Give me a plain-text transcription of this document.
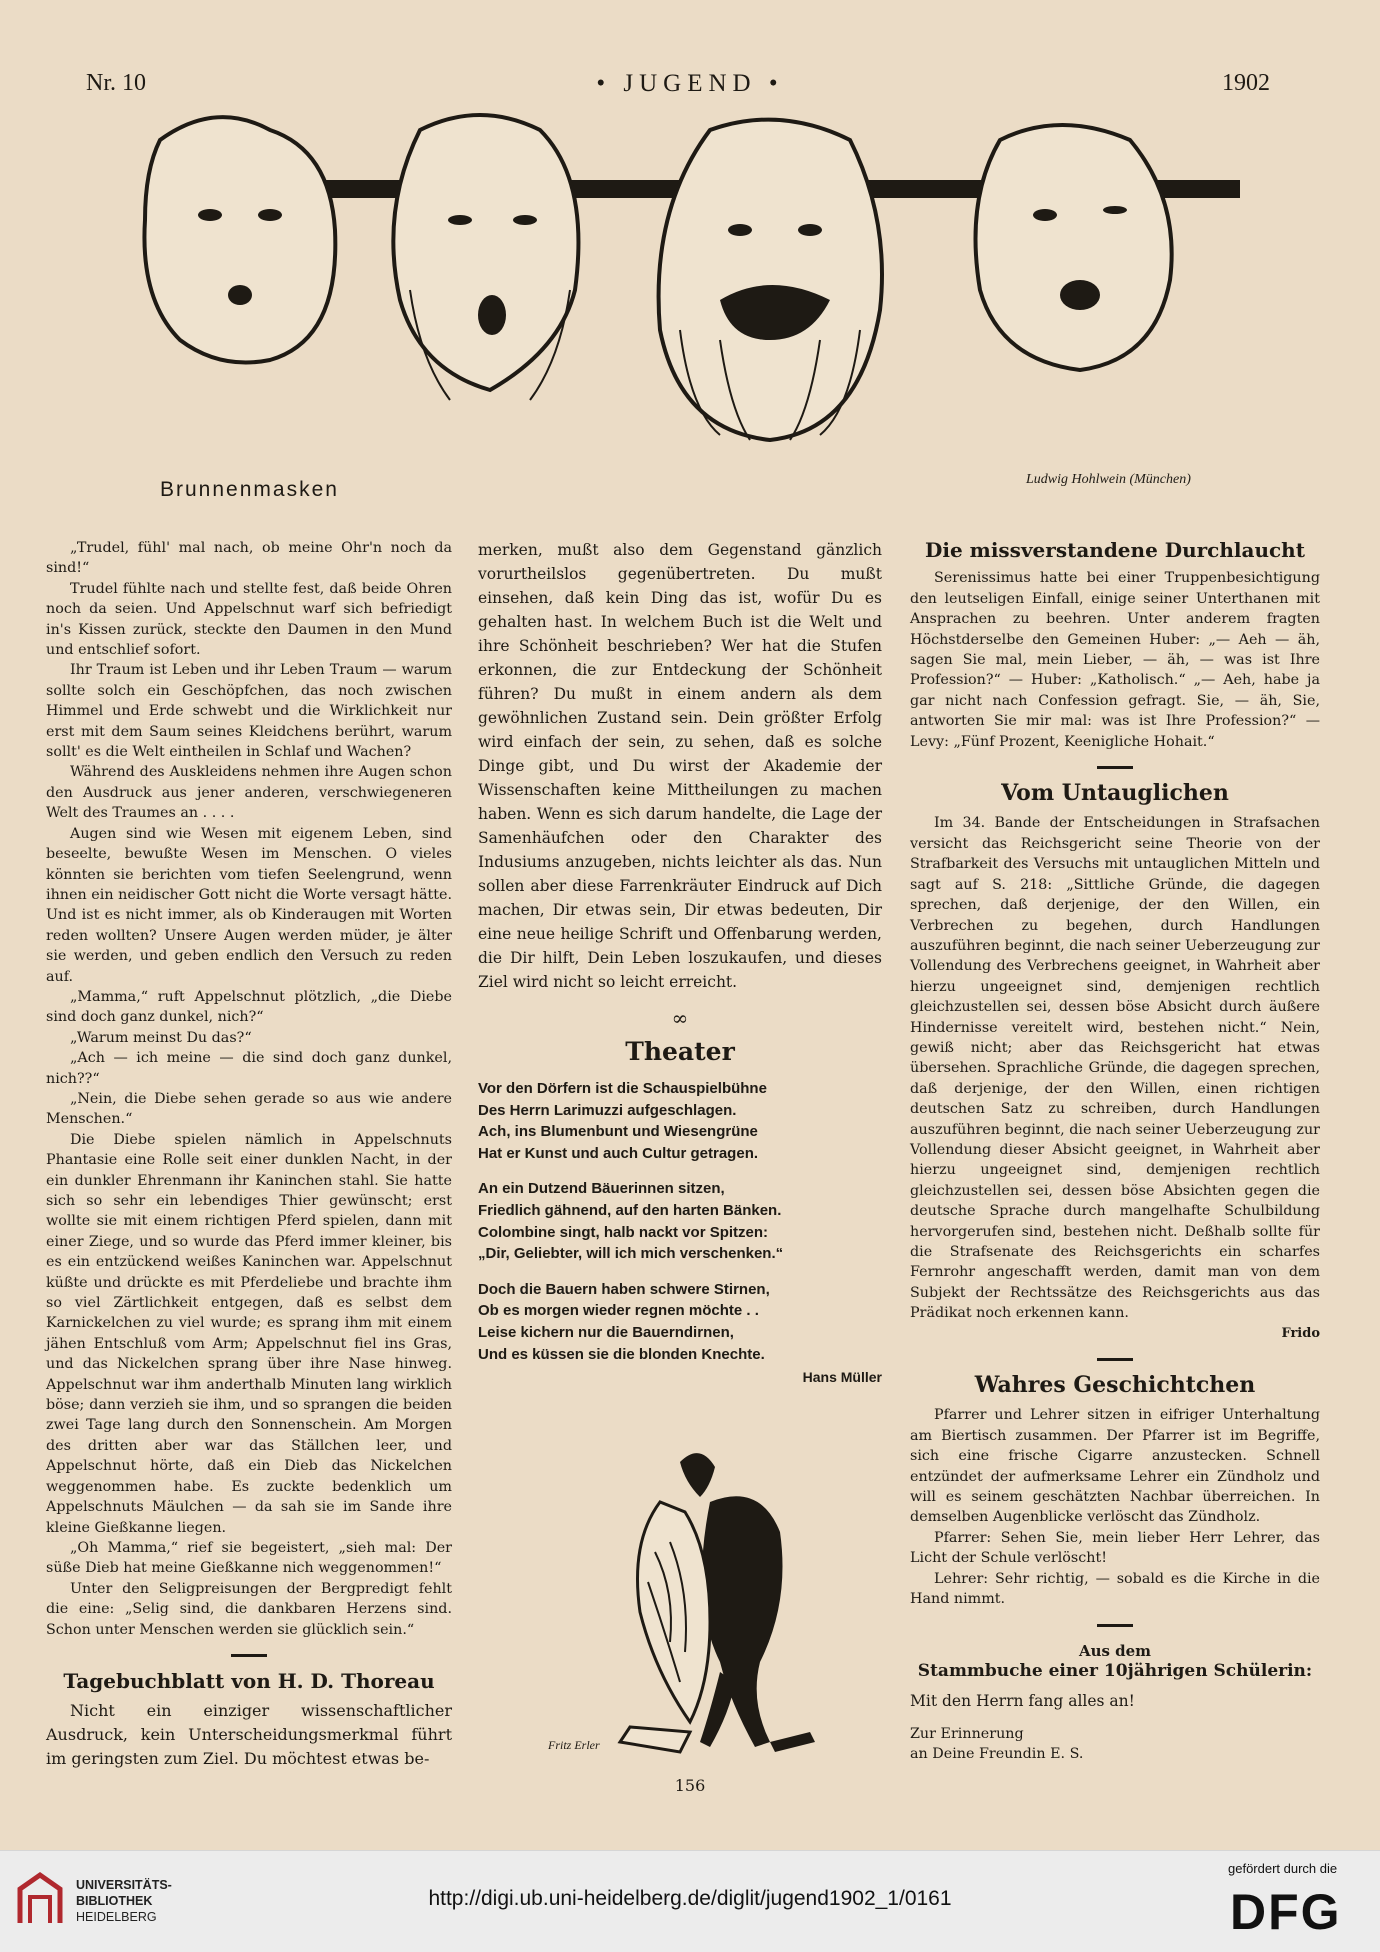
Nr. 10	• JUGEND •	1902
Brunnenmasken	Ludwig Hohlwein (München)

„Trudel, fühl' mal nach, ob meine Ohr'n noch da sind!“

Trudel fühlte nach und stellte fest, daß beide Ohren noch da seien. Und Appelschnut warf sich befriedigt in's Kissen zurück, steckte den Daumen in den Mund und entschlief sofort.

Ihr Traum ist Leben und ihr Leben Traum — warum sollte solch ein Geschöpfchen, das noch zwischen Himmel und Erde schwebt und die Wirklichkeit nur erst mit dem Saum seines Kleidchens berührt, warum sollt' es die Welt eintheilen in Schlaf und Wachen?

Während des Auskleidens nehmen ihre Augen schon den Ausdruck aus jener anderen, verschwiegeneren Welt des Traumes an . . . .

Augen sind wie Wesen mit eigenem Leben, sind beseelte, bewußte Wesen im Menschen. O vieles könnten sie berichten vom tiefen Seelengrund, wenn ihnen ein neidischer Gott nicht die Worte versagt hätte. Und ist es nicht immer, als ob Kinderaugen mit Worten reden wollten? Unsere Augen werden müder, je älter sie werden, und geben endlich den Versuch zu reden auf.

„Mamma,“ ruft Appelschnut plötzlich, „die Diebe sind doch ganz dunkel, nich?“

„Warum meinst Du das?“

„Ach — ich meine — die sind doch ganz dunkel, nich??“

„Nein, die Diebe sehen gerade so aus wie andere Menschen.“

Die Diebe spielen nämlich in Appelschnuts Phantasie eine Rolle seit einer dunklen Nacht, in der ein dunkler Ehrenmann ihr Kaninchen stahl. Sie hatte sich so sehr ein lebendiges Thier gewünscht; erst wollte sie mit einem richtigen Pferd spielen, dann mit einer Ziege, und so wurde das Pferd immer kleiner, bis es ein entzückend weißes Kaninchen war. Appelschnut küßte und drückte es mit Pferdeliebe und brachte ihm so viel Zärtlichkeit entgegen, daß es selbst dem Karnickelchen zu viel wurde; es sprang ihm mit einem jähen Entschluß vom Arm; Appelschnut fiel ins Gras, und das Nickelchen sprang über ihre Nase hinweg. Appelschnut war ihm anderthalb Minuten lang wirklich böse; dann verzieh sie ihm, und so sprangen die beiden zwei Tage lang durch den Sonnenschein. Am Morgen des dritten aber war das Ställchen leer, und Appelschnut hörte, daß ein Dieb das Nickelchen weggenommen habe. Es zuckte bedenklich um Appelschnuts Mäulchen — da sah sie im Sande ihre kleine Gießkanne liegen.

„Oh Mamma,“ rief sie begeistert, „sieh mal: Der süße Dieb hat meine Gießkanne nich weggenommen!“

Unter den Seligpreisungen der Bergpredigt fehlt die eine: „Selig sind, die dankbaren Herzens sind. Schon unter Menschen werden sie glücklich sein.“

Tagebuchblatt von H. D. Thoreau

Nicht ein einziger wissenschaftlicher Ausdruck, kein Unterscheidungsmerkmal führt im geringsten zum Ziel. Du möchtest etwas be-

merken, mußt also dem Gegenstand gänzlich vorurtheilslos gegenübertreten. Du mußt einsehen, daß kein Ding das ist, wofür Du es gehalten hast. In welchem Buch ist die Welt und ihre Schönheit beschrieben? Wer hat die Stufen erkonnen, die zur Entdeckung der Schönheit führen? Du mußt in einem andern als dem gewöhnlichen Zustand sein. Dein größter Erfolg wird einfach der sein, zu sehen, daß es solche Dinge gibt, und Du wirst der Akademie der Wissenschaften keine Mittheilungen zu machen haben. Wenn es sich darum handelte, die Lage der Samenhäufchen oder den Charakter des Indusiums anzugeben, nichts leichter als das. Nun sollen aber diese Farrenkräuter Eindruck auf Dich machen, Dir etwas sein, Dir etwas bedeuten, Dir eine neue heilige Schrift und Offenbarung werden, die Dir hilft, Dein Leben loszukaufen, und dieses Ziel wird nicht so leicht erreicht.

∞
Theater
Vor den Dörfern ist die Schauspielbühne
Des Herrn Larimuzzi aufgeschlagen.
Ach, ins Blumenbunt und Wiesengrüne
Hat er Kunst und auch Cultur getragen.
An ein Dutzend Bäuerinnen sitzen,
Friedlich gähnend, auf den harten Bänken.
Colombine singt, halb nackt vor Spitzen:
„Dir, Geliebter, will ich mich verschenken.“
Doch die Bauern haben schwere Stirnen,
Ob es morgen wieder regnen möchte . .
Leise kichern nur die Bauerndirnen,
Und es küssen sie die blonden Knechte.
Hans Müller
Fritz Erler
Die missverstandene Durchlaucht

Serenissimus hatte bei einer Truppenbesichtigung den leutseligen Einfall, einige seiner Unterthanen mit Ansprachen zu beehren. Unter anderem fragten Höchstderselbe den Gemeinen Huber: „— Aeh — äh, sagen Sie mal, mein Lieber, — äh, — was ist Ihre Profession?“ — Huber: „Katholisch.“ „— Aeh, habe ja gar nicht nach Confession gefragt. Sie, — äh, Sie, antworten Sie mir mal: was ist Ihre Profession?“ — Levy: „Fünf Prozent, Keenigliche Hohait.“

Vom Untauglichen

Im 34. Bande der Entscheidungen in Strafsachen versicht das Reichsgericht seine Theorie von der Strafbarkeit des Versuchs mit untauglichen Mitteln und sagt auf S. 218: „Sittliche Gründe, die dagegen sprechen, daß derjenige, der den Willen, ein Verbrechen zu begehen, durch Handlungen auszuführen beginnt, die nach seiner Ueberzeugung zur Vollendung des Verbrechens geeignet, in Wahrheit aber hierzu ungeeignet sind, demjenigen rechtlich gleichzustellen sei, dessen böse Absicht durch äußere Hindernisse vereitelt wird, bestehen nicht.“ Nein, gewiß nicht; aber das Reichsgericht hat etwas übersehen. Sprachliche Gründe, die dagegen sprechen, daß derjenige, der den Willen, einen richtigen deutschen Satz zu schreiben, durch Handlungen auszuführen beginnt, die nach seiner Ueberzeugung zur Vollendung dieser Absicht geeignet, in Wahrheit aber hierzu ungeeignet sind, demjenigen rechtlich gleichzustellen sei, dessen böse Absichten gegen die deutsche Sprache durch mangelhafte Schulbildung hervorgerufen sind, bestehen nicht. Deßhalb sollte für die Strafsenate des Reichsgerichts ein scharfes Fernrohr angeschafft werden, damit man von dem Subjekt der Rechtssätze des Reichsgerichts aus das Prädikat noch erkennen kann.

Frido
Wahres Geschichtchen

Pfarrer und Lehrer sitzen in eifriger Unterhaltung am Biertisch zusammen. Der Pfarrer ist im Begriffe, sich eine frische Cigarre anzustecken. Schnell entzündet der aufmerksame Lehrer ein Zündholz und will es seinem geschätzten Nachbar überreichen. In demselben Augenblicke verlöscht das Zündholz.

Pfarrer: Sehen Sie, mein lieber Herr Lehrer, das Licht der Schule verlöscht!

Lehrer: Sehr richtig, — sobald es die Kirche in die Hand nimmt.

Aus dem
Stammbuche einer 10jährigen Schülerin:

Mit den Herrn fang alles an!

Zur Erinnerung

an Deine Freundin E. S.

156
UNIVERSITÄTS-
BIBLIOTHEK
HEIDELBERG
http://digi.ub.uni-heidelberg.de/diglit/jugend1902_1/0161
gefördert durch die
DFG
